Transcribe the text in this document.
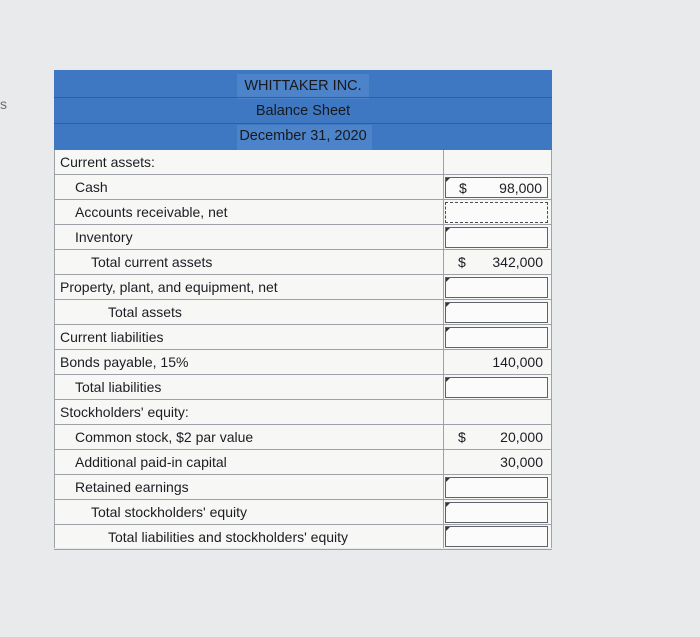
s
WHITTAKER INC.
Balance Sheet
December 31, 2020
Current assets:
Cash	$ 98,000
Accounts receivable, net
Inventory
Total current assets	$ 342,000
Property, plant, and equipment, net
Total assets
Current liabilities
Bonds payable, 15%	140,000
Total liabilities
Stockholders' equity:
Common stock, $2 par value	$ 20,000
Additional paid-in capital	30,000
Retained earnings
Total stockholders' equity
Total liabilities and stockholders' equity
